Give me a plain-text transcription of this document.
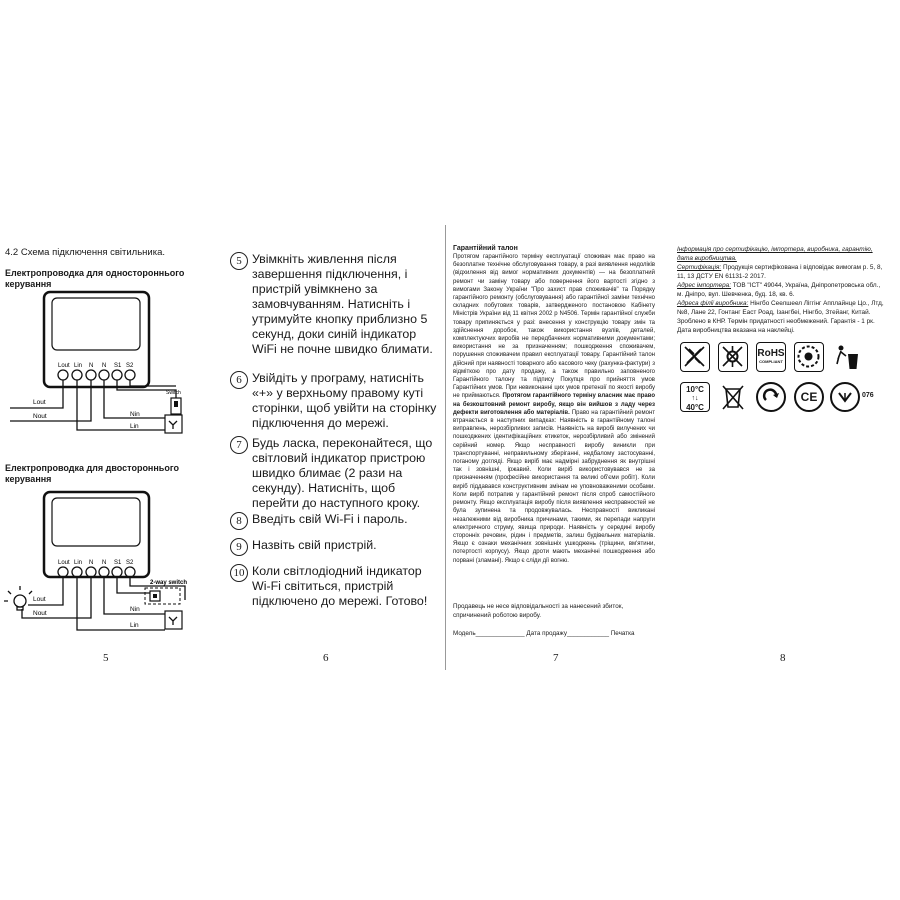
4.2 Схема підключення світильника.
Електропроводка для одностороннього керування
Lout Lin N N S1 S2
Switch
Lout
Nout	Nin
Lin
Електропроводка для двостороннього керування
Lout Lin N N S1 S2
2-way switch
Lout
Nout
Nin
Lin
5
5 Увімкніть живлення після завершення підключення, і пристрій увімкнено за замовчуванням. Натисніть і утримуйте кнопку приблизно 5 секунд, доки синій індикатор WiFi не почне швидко блимати.
6 Увійдіть у програму, натисніть «+» у верхньому правому куті сторінки, щоб увійти на сторінку підключення до мережі.
7 Будь ласка, переконайтеся, що світловий індикатор пристрою швидко блимає (2 рази на секунду). Натисніть, щоб перейти до наступного кроку.
8 Введіть свій Wi-Fi і пароль.
9 Назвіть свій пристрій.
10 Коли світлодіодний індикатор Wi-Fi світиться, пристрій підключено до мережі. Готово!
6
Гарантійний талон
Протягом гарантійного терміну експлуатації споживач має право на безоплатне технічне обслуговування товару, в разі виявлення недоліків (відхилення від вимог нормативних документів) — на безоплатний ремонт чи заміну товару або повернення його вартості згідно з вимогами Закону України "Про захист прав споживачів" та Порядку гарантійного ремонту (обслуговування) або гарантійної заміни технічно складних побутових товарів, затвердженого постановою Кабінету Міністрів України від 11 квітня 2002 р N4506. Термін гарантійної служби товару припиняється у разі: внесення у конструкцію товару змін та здійснення доробок, також використання вузлів, деталей, комплектуючих виробів не передбачених нормативними документами; використання не за призначенням; пошкодження споживачем, порушення споживачем правил експлуатації товару. Гарантійний талон дійсний при наявності товарного або касового чеку (рахунка-фактури) з відміткою про дату продажу, а також правильно заповненого Гарантійного талону та підпису Покупця про прийняття умов Гарантійних умов. При невиконанні цих умов претензії по якості виробу не приймаються. Протягом гарантійного терміну власник має право на безкоштовний ремонт виробу, якщо він вийшов з ладу через дефекти виготовлення або матеріалів. Право на гарантійний ремонт втрачається в наступних випадках: Наявність в гарантійному талоні виправлень, нерозбірливих записів. Наявність на виробі вилучених чи пошкоджених ідентифікаційних етикеток, нерозбірливий або змінений серійний номер. Якщо несправності виробу виникли при транспортуванні, неправильному зберіганні, недбалому застосуванні, поганому догляді. Якщо виріб має надмірні забруднення як внутрішні так і зовнішні, іржавий. Коли виріб використовувався не за призначенням (професійне використання та великі об'єми робіт). Коли виріб піддавався конструктивним змінам не уповноваженими особами. Коли виріб потрапив у гарантійний ремонт після спроб самостійного ремонту. Якщо експлуатація виробу після виявлення несправностей не була зупинена та продовжувалась. Несправності викликані незалежними від виробника причинами, такими, як перепади напруги електричного струму, явища природи. Наявність у середині виробу сторонніх речовин, рідин і предметів, залиш будівельних матеріалів. Якщо є ознаки механічних зовнішніх ушкоджень (тріщини, вм'ятини, потертості корпусу). Якщо дроти мають механічні пошкодження або порвані (зламані). Якщо є сліди дії вогню.
Продавець не несе відповідальності за нанесений збиток, спричинений роботою виробу.
Модель______________ Дата продажу____________ Печатка
7
Інформація про сертифікацію, імпортера, виробника, гарантію, дата виробництва.
Сертифікація: Продукція сертифікована і відповідає вимогам р. 5, 8, 11, 13 ДСТУ EN 61131-2 2017.
Адрес імпортера: ТОВ "ІСТ" 49044, Україна, Дніпропетровська обл., м. Дніпро, вул. Шевченка, буд. 18, кв. 6.
Адреса філії виробника: Нінгбо Сеелшеел Ліггінг Апплайнце Цо., Лтд, №8, Лане 22, Гонтанг Еаст Роад, Ізангбеі, Нінгбо, Зтейанг, Китай. Зроблено в КНР. Термін придатності необмежений. Гарантія - 1 рк. Дата виробництва вказана на наклейці.
RoHS
COMPLIANT
10°C
↑↓
40°C
CE	076
8
